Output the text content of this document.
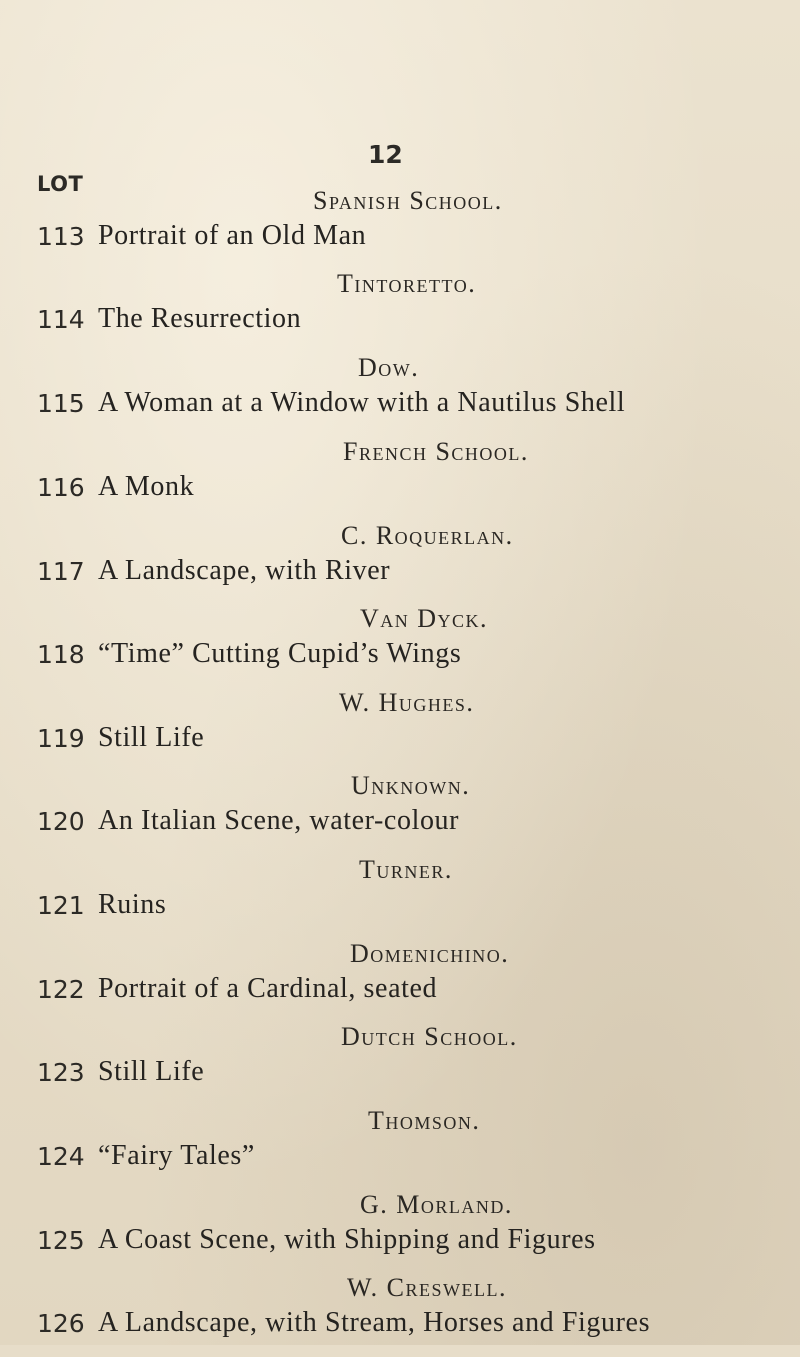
12
LOT
Spanish School.
113 Portrait of an Old Man
Tintoretto.
114 The Resurrection
Dow.
115 A Woman at a Window with a Nautilus Shell
French School.
116 A Monk
C. Roquerlan.
117 A Landscape, with River
Van Dyck.
118 “Time” Cutting Cupid’s Wings
W. Hughes.
119 Still Life
Unknown.
120 An Italian Scene, water-colour
Turner.
121 Ruins
Domenichino.
122 Portrait of a Cardinal, seated
Dutch School.
123 Still Life
Thomson.
124 “Fairy Tales”
G. Morland.
125 A Coast Scene, with Shipping and Figures
W. Creswell.
126 A Landscape, with Stream, Horses and Figures
